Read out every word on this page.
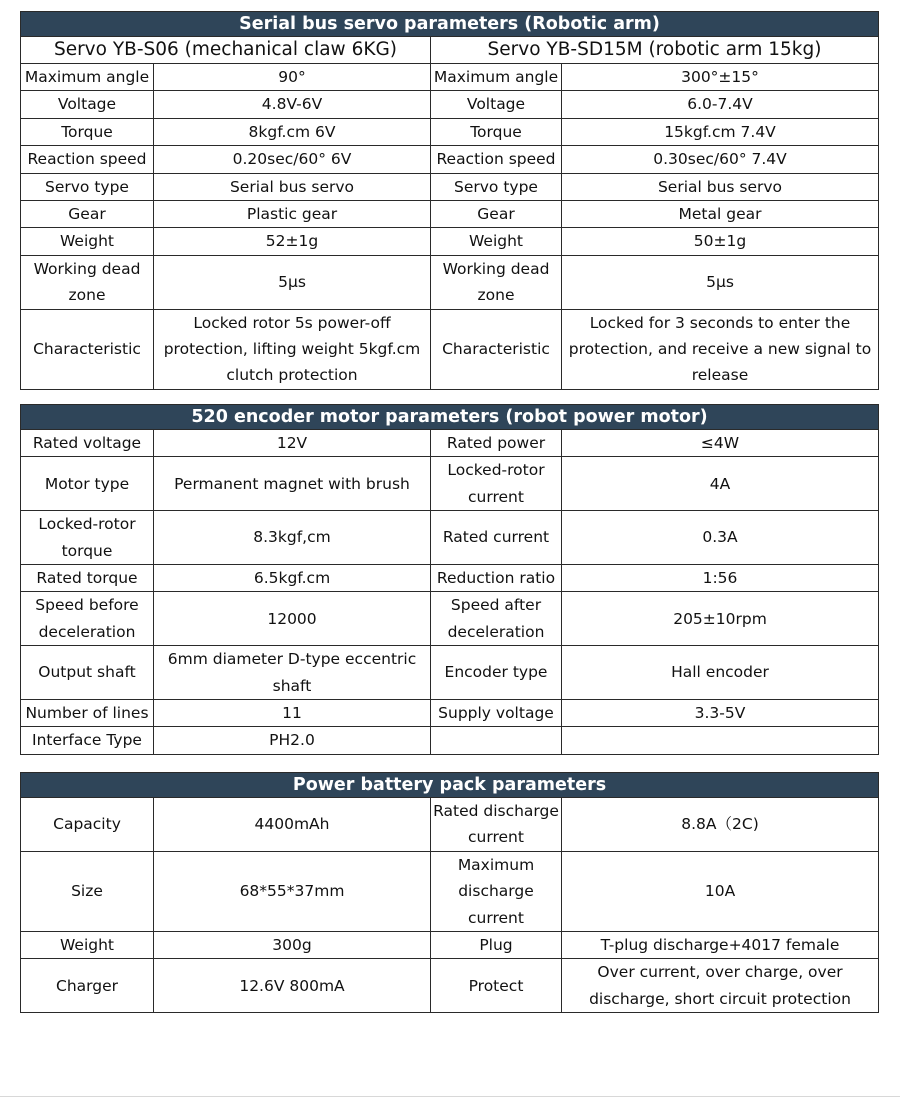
Serial bus servo parameters (Robotic arm)			
Servo YB-S06 (mechanical claw 6KG)		Servo YB-SD15M (robotic arm 15kg)	
Maximum angle	90°	Maximum angle	300°±15°
Voltage	4.8V-6V	Voltage	6.0-7.4V
Torque	8kgf.cm 6V	Torque	15kgf.cm 7.4V
Reaction speed	0.20sec/60° 6V	Reaction speed	0.30sec/60° 7.4V
Servo type	Serial bus servo	Servo type	Serial bus servo
Gear	Plastic gear	Gear	Metal gear
Weight	52±1g	Weight	50±1g
Working dead zone	5μs	Working dead zone	5μs
Characteristic	Locked rotor 5s power-off protection, lifting weight 5kgf.cm clutch protection	Characteristic	Locked for 3 seconds to enter the protection, and receive a new signal to release
520 encoder motor parameters (robot power motor)			
Rated voltage	12V	Rated power	≤4W
Motor type	Permanent magnet with brush	Locked-rotor current	4A
Locked-rotor torque	8.3kgf,cm	Rated current	0.3A
Rated torque	6.5kgf.cm	Reduction ratio	1:56
Speed before deceleration	12000	Speed after deceleration	205±10rpm
Output shaft	6mm diameter D-type eccentric shaft	Encoder type	Hall encoder
Number of lines	11	Supply voltage	3.3-5V
Interface Type	PH2.0		
Power battery pack parameters			
Capacity	4400mAh	Rated discharge current	8.8A（2C)
Size	68*55*37mm	Maximum discharge current	10A
Weight	300g	Plug	T-plug discharge+4017 female
Charger	12.6V 800mA	Protect	Over current, over charge, over discharge, short circuit protection
